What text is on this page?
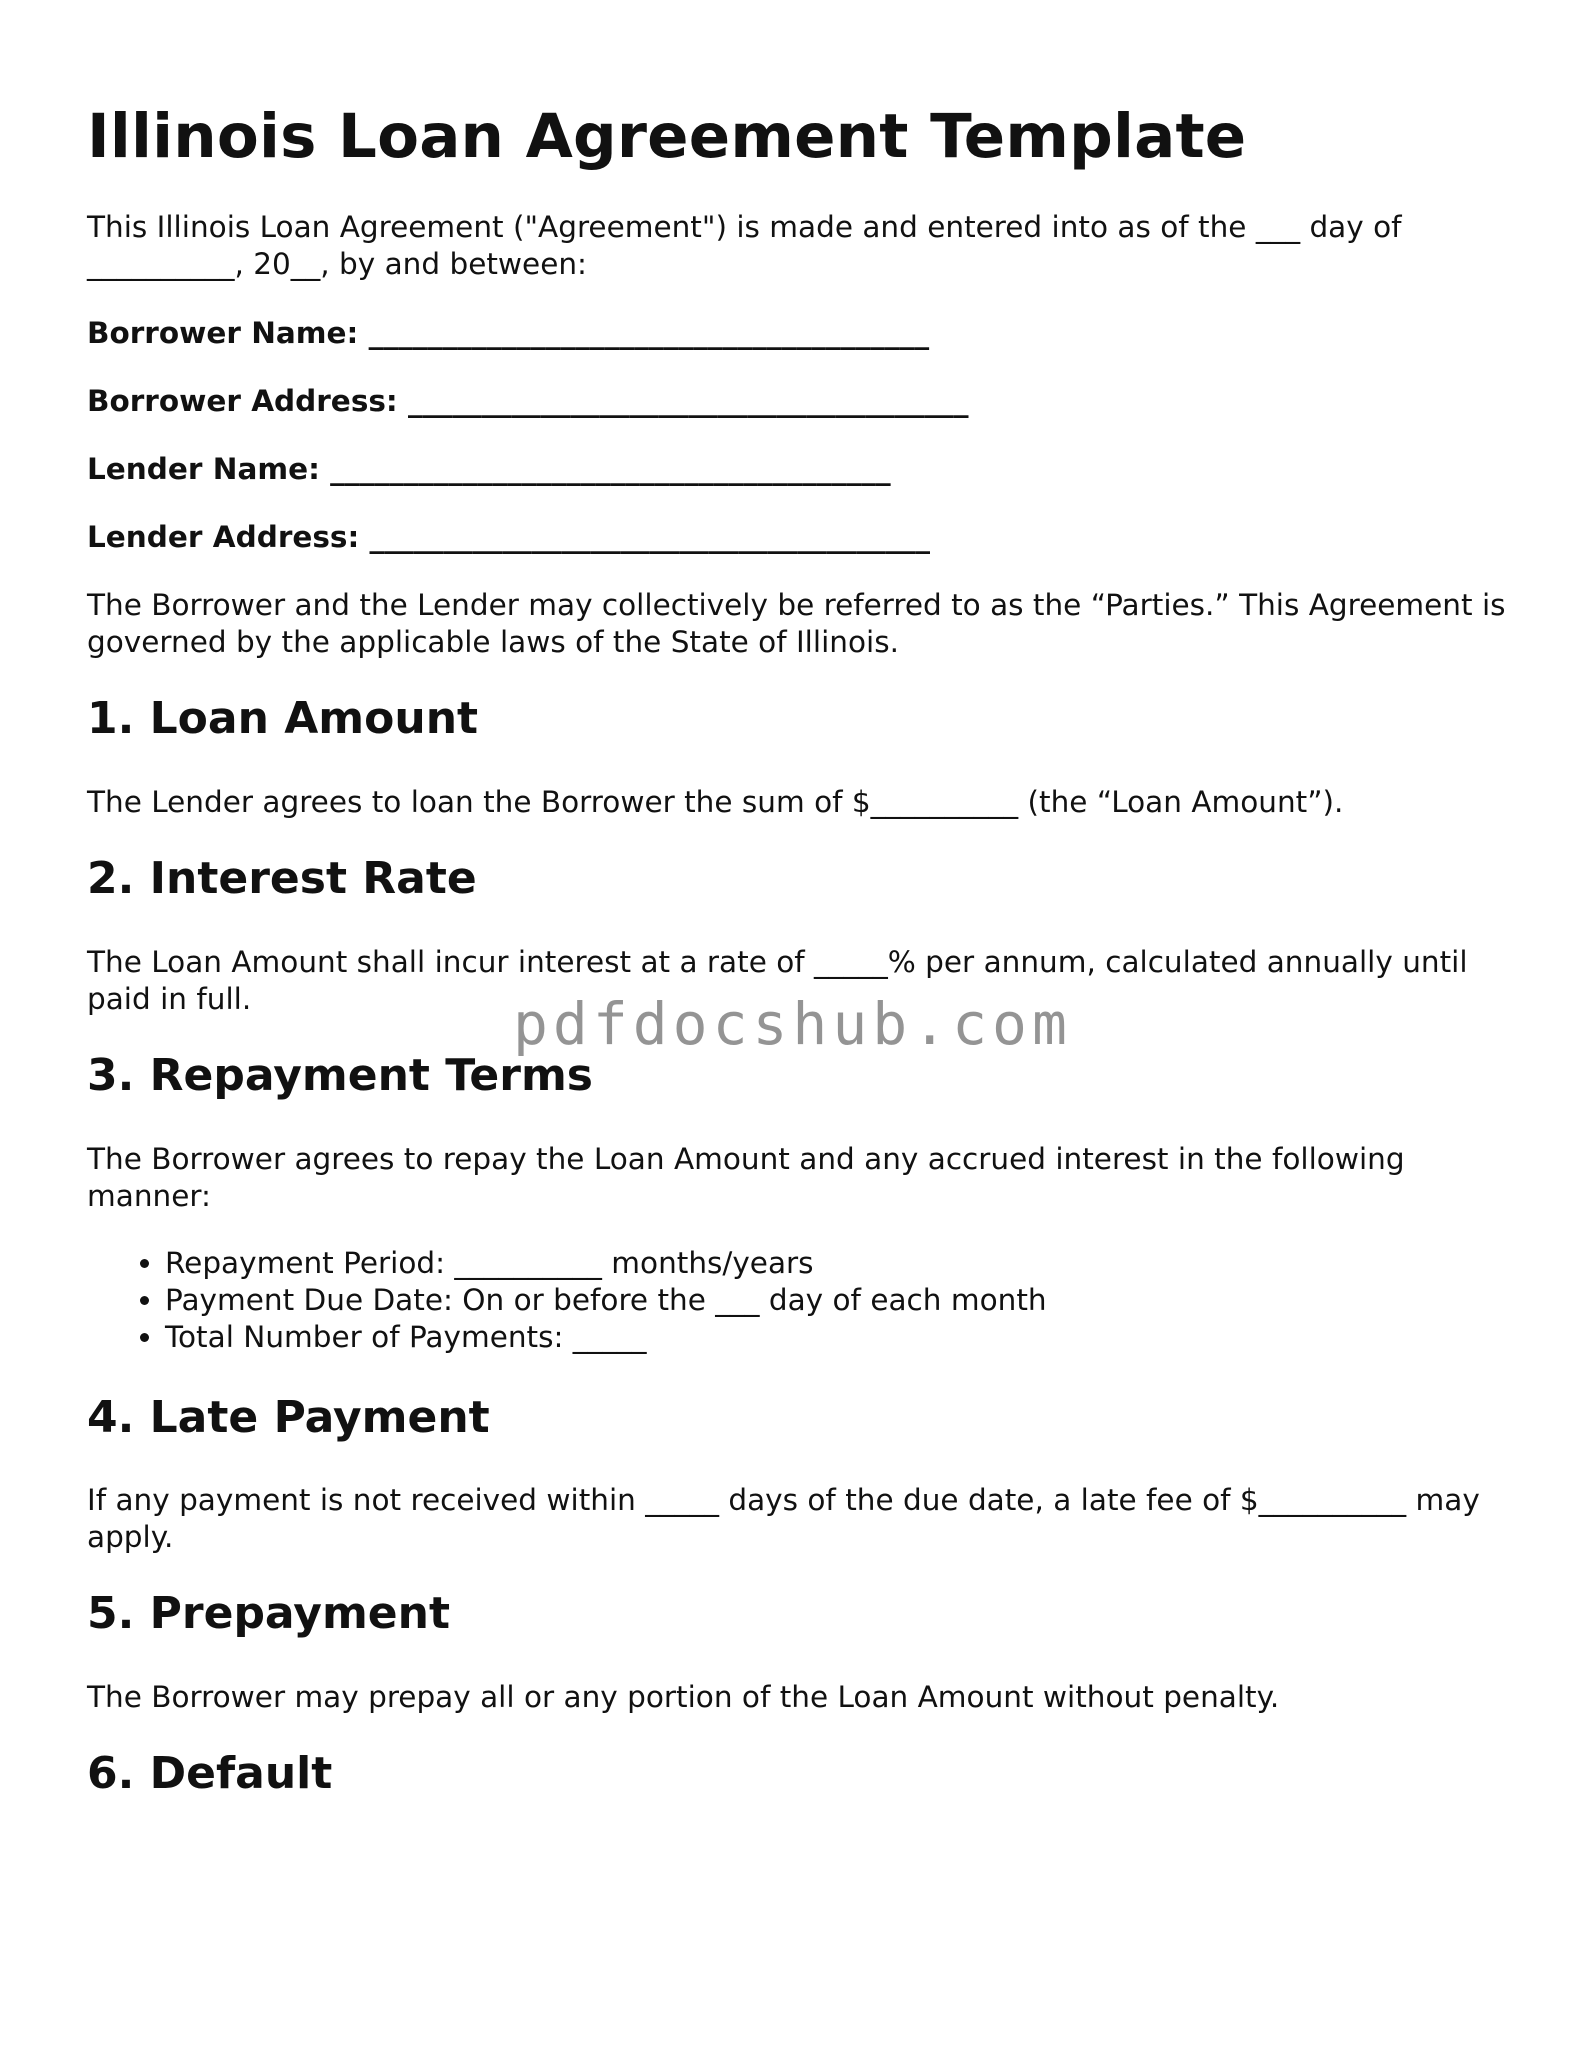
Illinois Loan Agreement Template

This Illinois Loan Agreement ("Agreement") is made and entered into as of the ___ day of __________, 20__, by and between:

Borrower Name: ______________________________________

Borrower Address: ______________________________________

Lender Name: ______________________________________

Lender Address: ______________________________________

The Borrower and the Lender may collectively be referred to as the “Parties.” This Agreement is governed by the applicable laws of the State of Illinois.

1. Loan Amount

The Lender agrees to loan the Borrower the sum of $__________ (the “Loan Amount”).

2. Interest Rate

The Loan Amount shall incur interest at a rate of _____% per annum, calculated annually until paid in full.

3. Repayment Terms

The Borrower agrees to repay the Loan Amount and any accrued interest in the following manner:

• Repayment Period: __________ months/years
• Payment Due Date: On or before the ___ day of each month
• Total Number of Payments: _____
4. Late Payment

If any payment is not received within _____ days of the due date, a late fee of $__________ may apply.

5. Prepayment

The Borrower may prepay all or any portion of the Loan Amount without penalty.

6. Default
pdfdocshub.com
